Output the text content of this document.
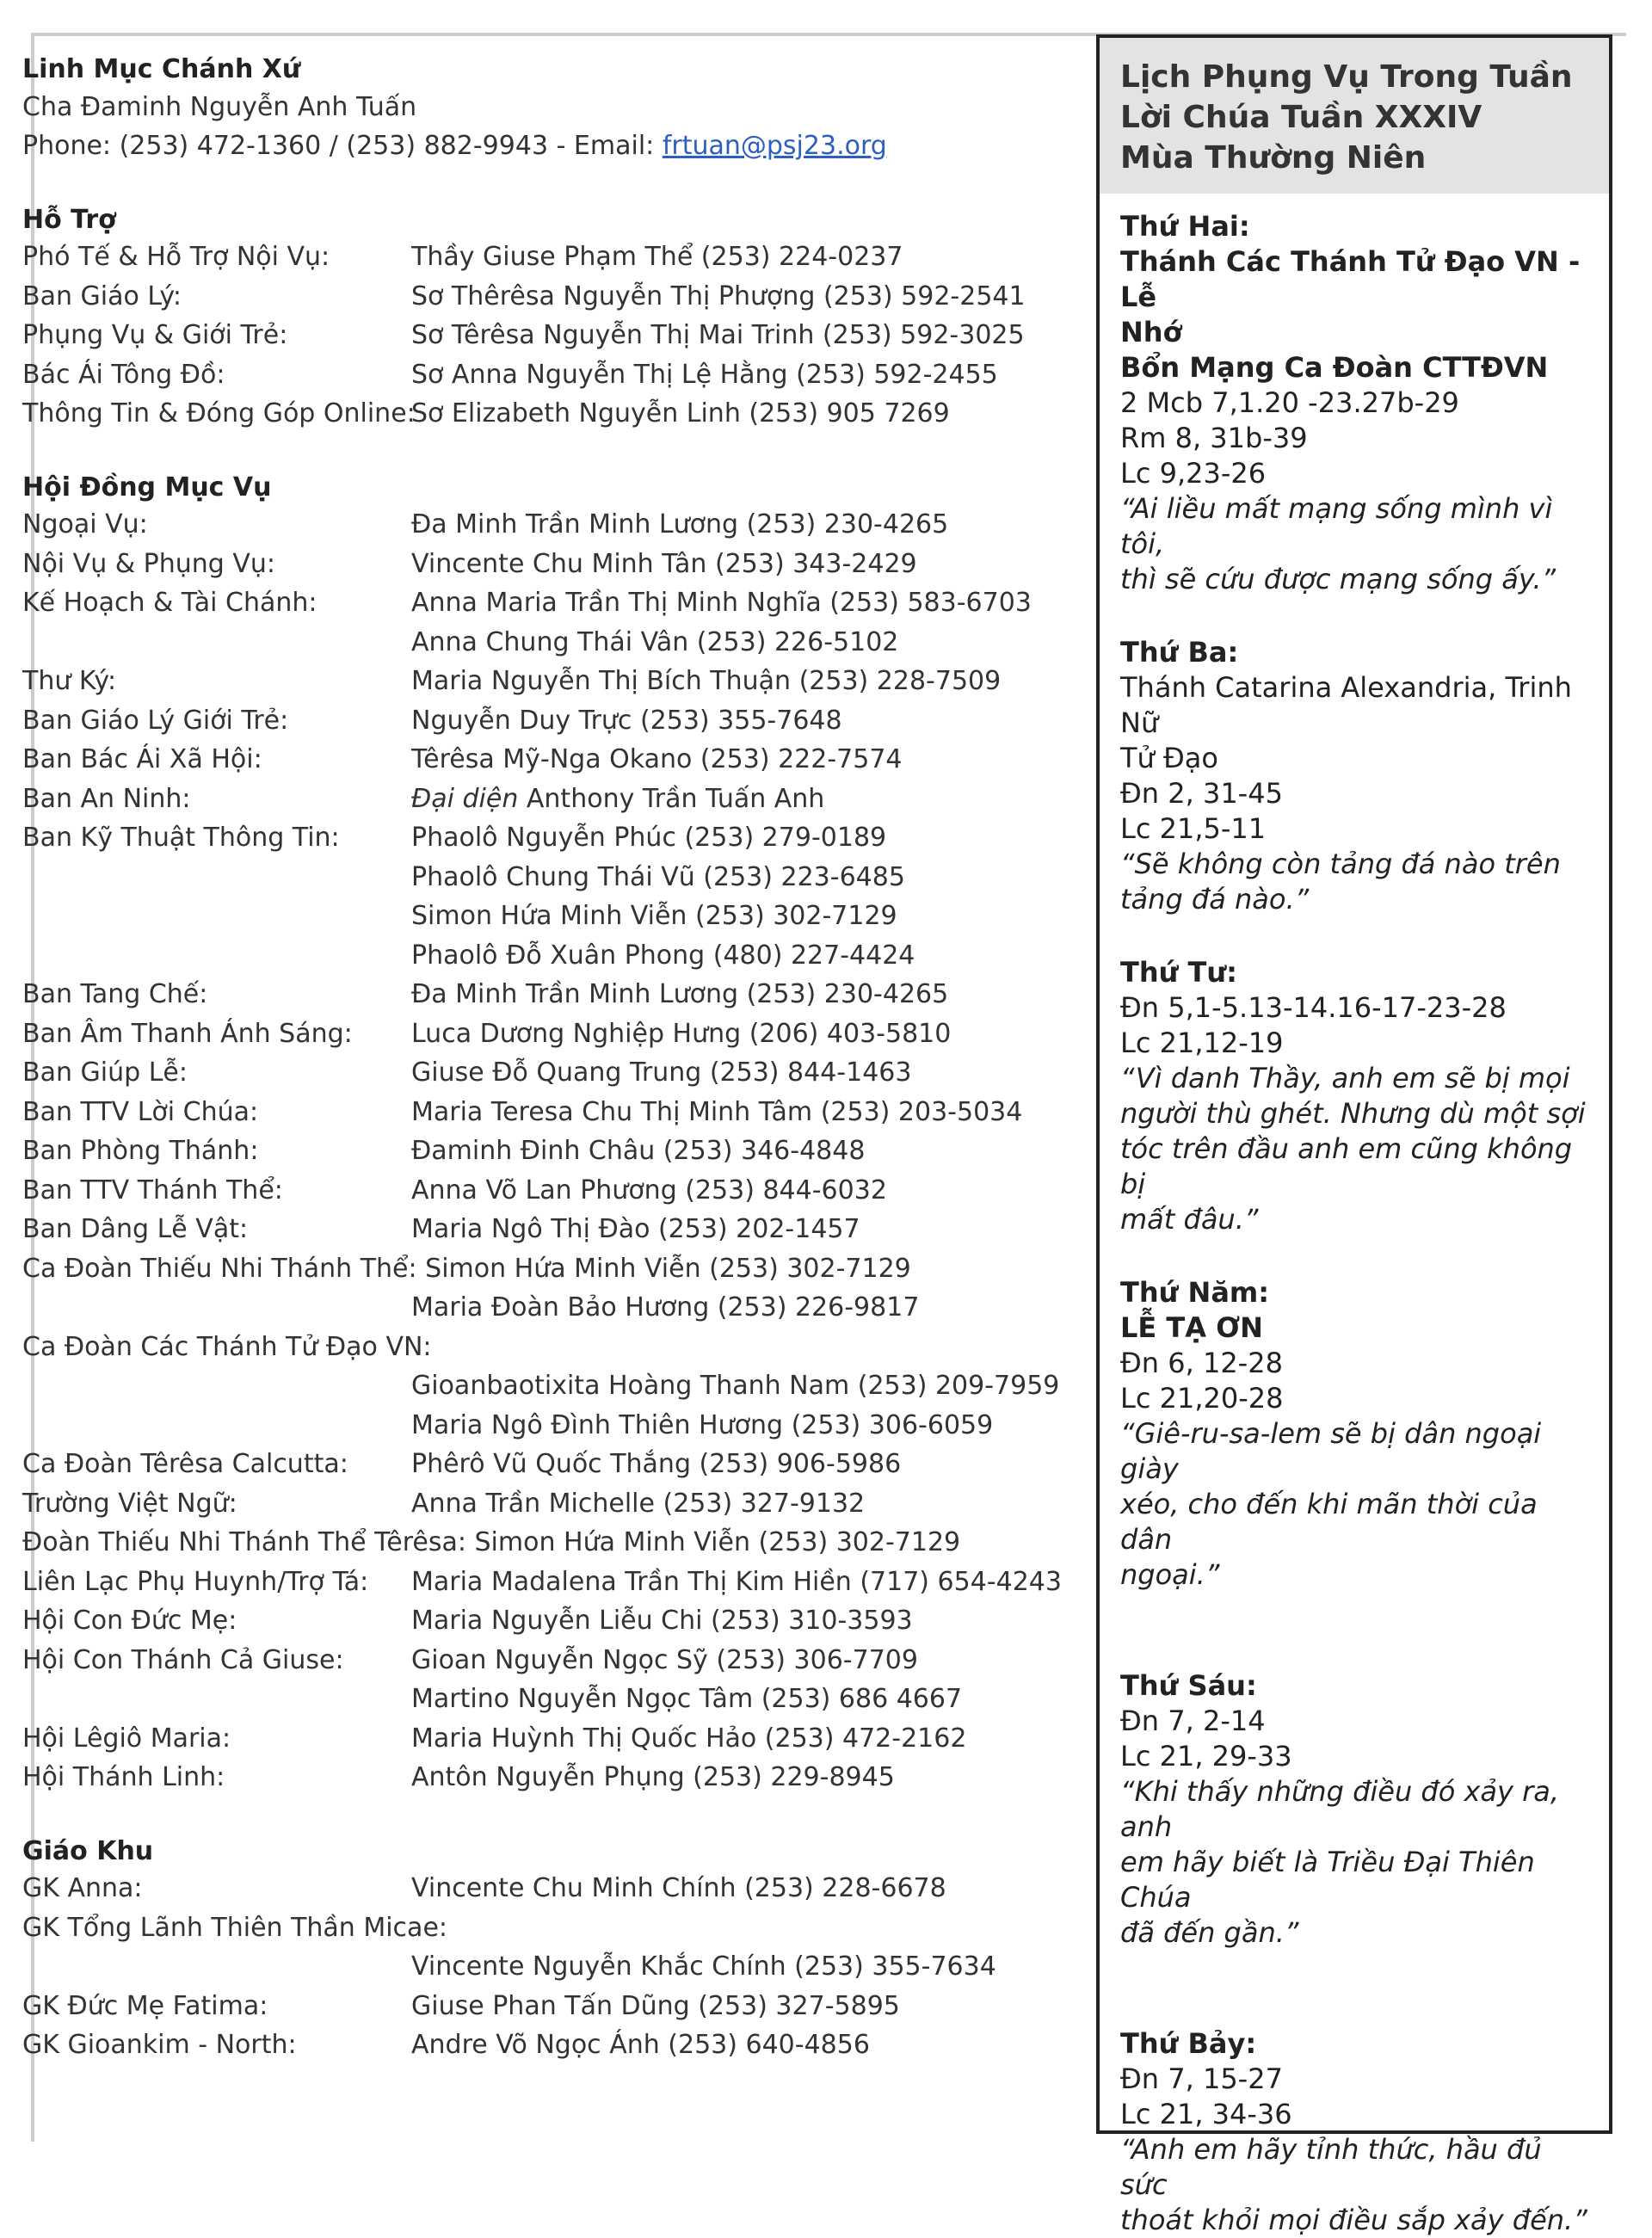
Linh Mục Chánh Xứ
Cha Đaminh Nguyễn Anh Tuấn
Phone: (253) 472-1360 / (253) 882-9943 - Email: frtuan@psj23.org
Hỗ Trợ
Phó Tế & Hỗ Trợ Nội Vụ:	Thầy Giuse Phạm Thể (253) 224-0237
Ban Giáo Lý:	Sơ Thêrêsa Nguyễn Thị Phượng (253) 592-2541
Phụng Vụ & Giới Trẻ:	Sơ Têrêsa Nguyễn Thị Mai Trinh (253) 592-3025
Bác Ái Tông Đồ:	Sơ Anna Nguyễn Thị Lệ Hằng (253) 592-2455
Thông Tin & Đóng Góp Online:
Sơ Elizabeth Nguyễn Linh (253) 905 7269
Hội Đồng Mục Vụ
Ngoại Vụ:	Đa Minh Trần Minh Lương (253) 230-4265
Nội Vụ & Phụng Vụ:	Vincente Chu Minh Tân (253) 343-2429
Kế Hoạch & Tài Chánh:	Anna Maria Trần Thị Minh Nghĩa (253) 583-6703
Anna Chung Thái Vân (253) 226-5102
Thư Ký:	Maria Nguyễn Thị Bích Thuận (253) 228-7509
Ban Giáo Lý Giới Trẻ:	Nguyễn Duy Trực (253) 355-7648
Ban Bác Ái Xã Hội:	Têrêsa Mỹ-Nga Okano (253) 222-7574
Ban An Ninh:	Đại diện Anthony Trần Tuấn Anh
Ban Kỹ Thuật Thông Tin:	Phaolô Nguyễn Phúc (253) 279-0189
Phaolô Chung Thái Vũ (253) 223-6485
Simon Hứa Minh Viễn (253) 302-7129
Phaolô Đỗ Xuân Phong (480) 227-4424
Ban Tang Chế:	Đa Minh Trần Minh Lương (253) 230-4265
Ban Âm Thanh Ánh Sáng: Luca Dương Nghiệp Hưng (206) 403-5810
Ban Giúp Lễ:	Giuse Đỗ Quang Trung (253) 844-1463
Ban TTV Lời Chúa:	Maria Teresa Chu Thị Minh Tâm (253) 203-5034
Ban Phòng Thánh:	Đaminh Đinh Châu (253) 346-4848
Ban TTV Thánh Thể:	Anna Võ Lan Phương (253) 844-6032
Ban Dâng Lễ Vật:	Maria Ngô Thị Đào (253) 202-1457
Ca Đoàn Thiếu Nhi Thánh Thể: Simon Hứa Minh Viễn (253) 302-7129
Maria Đoàn Bảo Hương (253) 226-9817
Ca Đoàn Các Thánh Tử Đạo VN:
Gioanbaotixita Hoàng Thanh Nam (253) 209-7959
Maria Ngô Đình Thiên Hương (253) 306-6059
Ca Đoàn Têrêsa Calcutta: Phêrô Vũ Quốc Thắng (253) 906-5986
Trường Việt Ngữ:	Anna Trần Michelle (253) 327-9132
Đoàn Thiếu Nhi Thánh Thể Têrêsa: Simon Hứa Minh Viễn (253) 302-7129
Liên Lạc Phụ Huynh/Trợ Tá: Maria Madalena Trần Thị Kim Hiền (717) 654-4243
Hội Con Đức Mẹ:	Maria Nguyễn Liễu Chi (253) 310-3593
Hội Con Thánh Cả Giuse:	Gioan Nguyễn Ngọc Sỹ (253) 306-7709
Martino Nguyễn Ngọc Tâm (253) 686 4667
Hội Lêgiô Maria:	Maria Huỳnh Thị Quốc Hảo (253) 472-2162
Hội Thánh Linh:	Antôn Nguyễn Phụng (253) 229-8945
Giáo Khu
GK Anna:	Vincente Chu Minh Chính (253) 228-6678
GK Tổng Lãnh Thiên Thần Micae:
Vincente Nguyễn Khắc Chính (253) 355-7634
GK Đức Mẹ Fatima:	Giuse Phan Tấn Dũng (253) 327-5895
GK Gioankim - North:	Andre Võ Ngọc Ánh (253) 640-4856
Lịch Phụng Vụ Trong Tuần
Lời Chúa Tuần XXXIV
Mùa Thường Niên
Thứ Hai:
Thánh Các Thánh Tử Đạo VN - Lễ
Nhớ
Bổn Mạng Ca Đoàn CTTĐVN
2 Mcb 7,1.20 -23.27b-29
Rm 8, 31b-39
Lc 9,23-26
“Ai liều mất mạng sống mình vì tôi,
thì sẽ cứu được mạng sống ấy.”
Thứ Ba:
Thánh Catarina Alexandria, Trinh Nữ
Tử Đạo
Đn 2, 31-45
Lc 21,5-11
“Sẽ không còn tảng đá nào trên
tảng đá nào.”
Thứ Tư:
Đn 5,1-5.13-14.16-17-23-28
Lc 21,12-19
“Vì danh Thầy, anh em sẽ bị mọi
người thù ghét. Nhưng dù một sợi
tóc trên đầu anh em cũng không bị
mất đâu.”
Thứ Năm:
LỄ TẠ ƠN
Đn 6, 12-28
Lc 21,20-28
“Giê-ru-sa-lem sẽ bị dân ngoại giày
xéo, cho đến khi mãn thời của dân
ngoại.”
Thứ Sáu:
Đn 7, 2-14
Lc 21, 29-33
“Khi thấy những điều đó xảy ra, anh
em hãy biết là Triều Đại Thiên Chúa
đã đến gần.”
Thứ Bảy:
Đn 7, 15-27
Lc 21, 34-36
“Anh em hãy tỉnh thức, hầu đủ sức
thoát khỏi mọi điều sắp xảy đến.”
